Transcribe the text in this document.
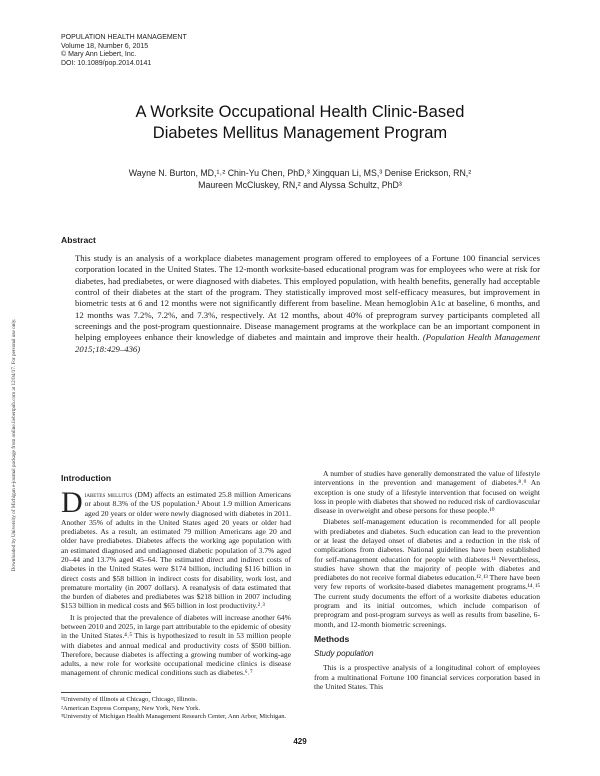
POPULATION HEALTH MANAGEMENT
Volume 18, Number 6, 2015
© Mary Ann Liebert, Inc.
DOI: 10.1089/pop.2014.0141
Downloaded by University of Michigan e-journal package from online.liebertpub.com at 12/04/17. For personal use only.
A Worksite Occupational Health Clinic-Based
Diabetes Mellitus Management Program
Wayne N. Burton, MD,¹˒² Chin-Yu Chen, PhD,³ Xingquan Li, MS,³ Denise Erickson, RN,²
Maureen McCluskey, RN,² and Alyssa Schultz, PhD³
Abstract
This study is an analysis of a workplace diabetes management program offered to employees of a Fortune 100 financial services corporation located in the United States. The 12-month worksite-based educational program was for employees who were at risk for diabetes, had prediabetes, or were diagnosed with diabetes. This employed population, with health benefits, generally had acceptable control of their diabetes at the start of the program. They statistically improved most self-efficacy measures, but improvement in biometric tests at 6 and 12 months were not significantly different from baseline. Mean hemoglobin A1c at baseline, 6 months, and 12 months was 7.2%, 7.2%, and 7.3%, respectively. At 12 months, about 40% of preprogram survey participants completed all screenings and the post-program questionnaire. Disease management programs at the workplace can be an important component in helping employees enhance their knowledge of diabetes and maintain and improve their health. (Population Health Management 2015;18:429–436)
Introduction

Diabetes mellitus (DM) affects an estimated 25.8 million Americans or about 8.3% of the US population.¹ About 1.9 million Americans aged 20 years or older were newly diagnosed with diabetes in 2011. Another 35% of adults in the United States aged 20 years or older had prediabetes. As a result, an estimated 79 million Americans age 20 and older have prediabetes. Diabetes affects the working age population with an estimated diagnosed and undiagnosed diabetic population of 3.7% aged 20–44 and 13.7% aged 45–64. The estimated direct and indirect costs of diabetes in the United States were $174 billion, including $116 billion in direct costs and $58 billion in indirect costs for disability, work lost, and premature mortality (in 2007 dollars). A reanalysis of data estimated that the burden of diabetes and prediabetes was $218 billion in 2007 including $153 billion in medical costs and $65 billion in lost productivity.²˒³

It is projected that the prevalence of diabetes will increase another 64% between 2010 and 2025, in large part attributable to the epidemic of obesity in the United States.⁴˒⁵ This is hypothesized to result in 53 million people with diabetes and annual medical and productivity costs of $500 billion. Therefore, because diabetes is affecting a growing number of working-age adults, a new role for worksite occupational medicine clinics is disease management of chronic medical conditions such as diabetes.⁶˒⁷

A number of studies have generally demonstrated the value of lifestyle interventions in the prevention and management of diabetes.⁸˒⁹ An exception is one study of a lifestyle intervention that focused on weight loss in people with diabetes that showed no reduced risk of cardiovascular disease in overweight and obese persons for these people.¹⁰

Diabetes self-management education is recommended for all people with prediabetes and diabetes. Such education can lead to the prevention or at least the delayed onset of diabetes and a reduction in the risk of complications from diabetes. National guidelines have been established for self-management education for people with diabetes.¹¹ Nevertheless, studies have shown that the majority of people with diabetes and prediabetes do not receive formal diabetes education.¹²˒¹³ There have been very few reports of worksite-based diabetes management programs.¹⁴˒¹⁵ The current study documents the effort of a worksite diabetes education program and its initial outcomes, which include comparison of preprogram and post-program surveys as well as results from baseline, 6-month, and 12-month biometric screenings.

Methods
Study population

This is a prospective analysis of a longitudinal cohort of employees from a multinational Fortune 100 financial services corporation based in the United States. This

¹University of Illinois at Chicago, Chicago, Illinois.
²American Express Company, New York, New York.
³University of Michigan Health Management Research Center, Ann Arbor, Michigan.
429
